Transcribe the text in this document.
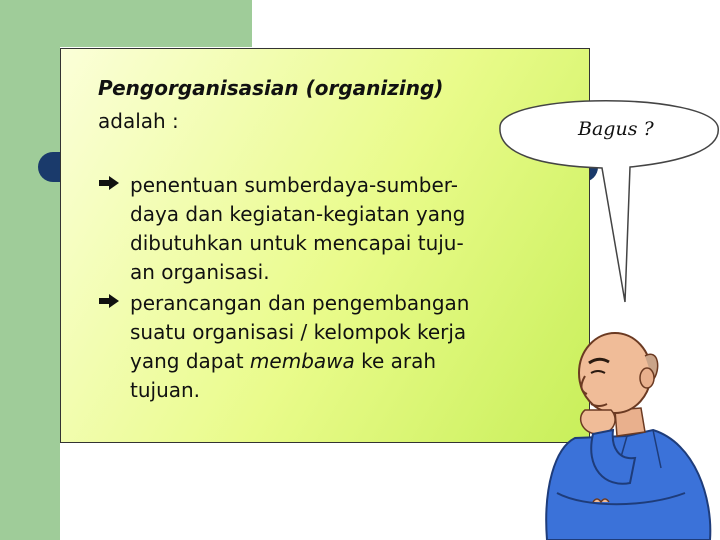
Pengorganisasian (organizing)
adalah :
penentuan sumberdaya-sumber-
daya dan kegiatan-kegiatan yang
dibutuhkan untuk mencapai tuju-
an organisasi.
perancangan dan pengembangan
suatu organisasi / kelompok kerja
yang dapat membawa ke arah
tujuan.
Bagus ?
